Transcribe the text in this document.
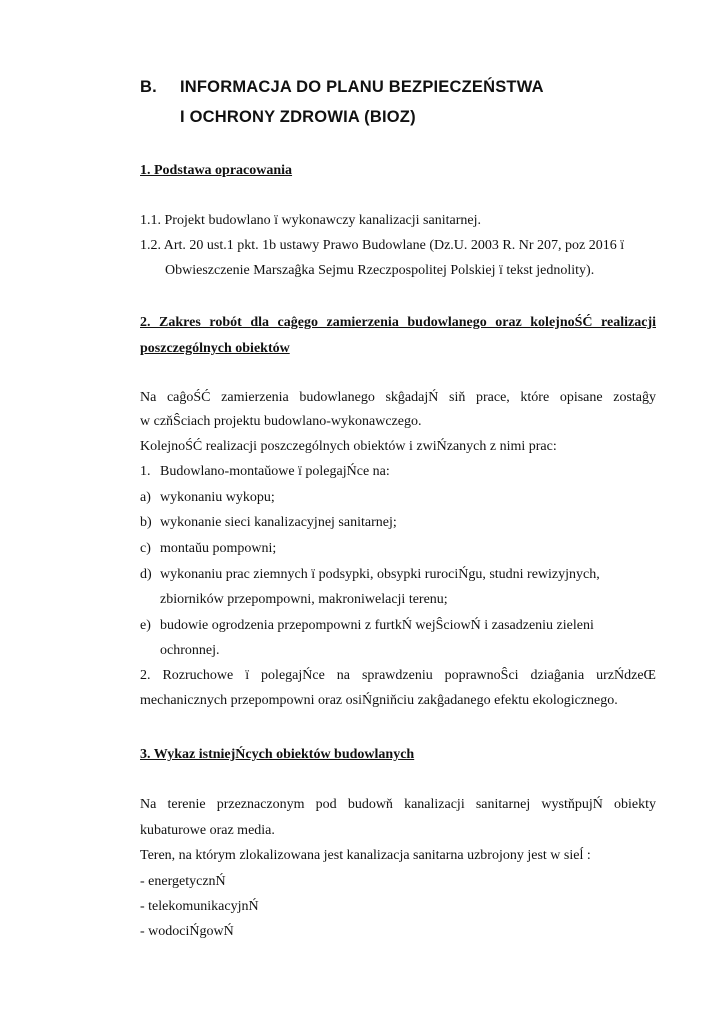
B. INFORMACJA DO PLANU BEZPIECZEŃSTWA
I OCHRONY ZDROWIA (BIOZ)
1. Podstawa opracowania
1.1. Projekt budowlano ï wykonawczy kanalizacji sanitarnej.
1.2. Art. 20 ust.1 pkt. 1b ustawy Prawo Budowlane (Dz.U. 2003 R. Nr 207, poz 2016 ï
Obwieszczenie Marszaĝka Sejmu Rzeczpospolitej Polskiej ï tekst jednolity).
2. Zakres robót dla caĝego zamierzenia budowlanego oraz kolejnoŚĆ realizacji
poszczególnych obiektów
Na caĝoŚĆ zamierzenia budowlanego skĝadajŃ siň prace, które opisane zostaĝy
w czňŜciach projektu budowlano-wykonawczego.
KolejnoŚĆ realizacji poszczególnych obiektów i zwiŃzanych z nimi prac:
1. Budowlano-montaŭowe ï polegajŃce na:
a) wykonaniu wykopu;
b) wykonanie sieci kanalizacyjnej sanitarnej;
c) montaŭu pompowni;
d) wykonaniu prac ziemnych ï podsypki, obsypki rurociŃgu, studni rewizyjnych,
zbiorników przepompowni, makroniwelacji terenu;
e) budowie ogrodzenia przepompowni z furtkŃ wejŜciowŃ i zasadzeniu zieleni
ochronnej.
2. Rozruchowe ï polegajŃce na sprawdzeniu poprawnoŜci dziaĝania urzŃdzeŒ
mechanicznych przepompowni oraz osiŃgniňciu zakĝadanego efektu ekologicznego.
3. Wykaz istniejŃcych obiektów budowlanych
Na terenie przeznaczonym pod budowň kanalizacji sanitarnej wystňpujŃ obiekty
kubaturowe oraz media.
Teren, na którym zlokalizowana jest kanalizacja sanitarna uzbrojony jest w sieĺ :
- energetycznŃ
- telekomunikacyjnŃ
- wodociŃgowŃ
